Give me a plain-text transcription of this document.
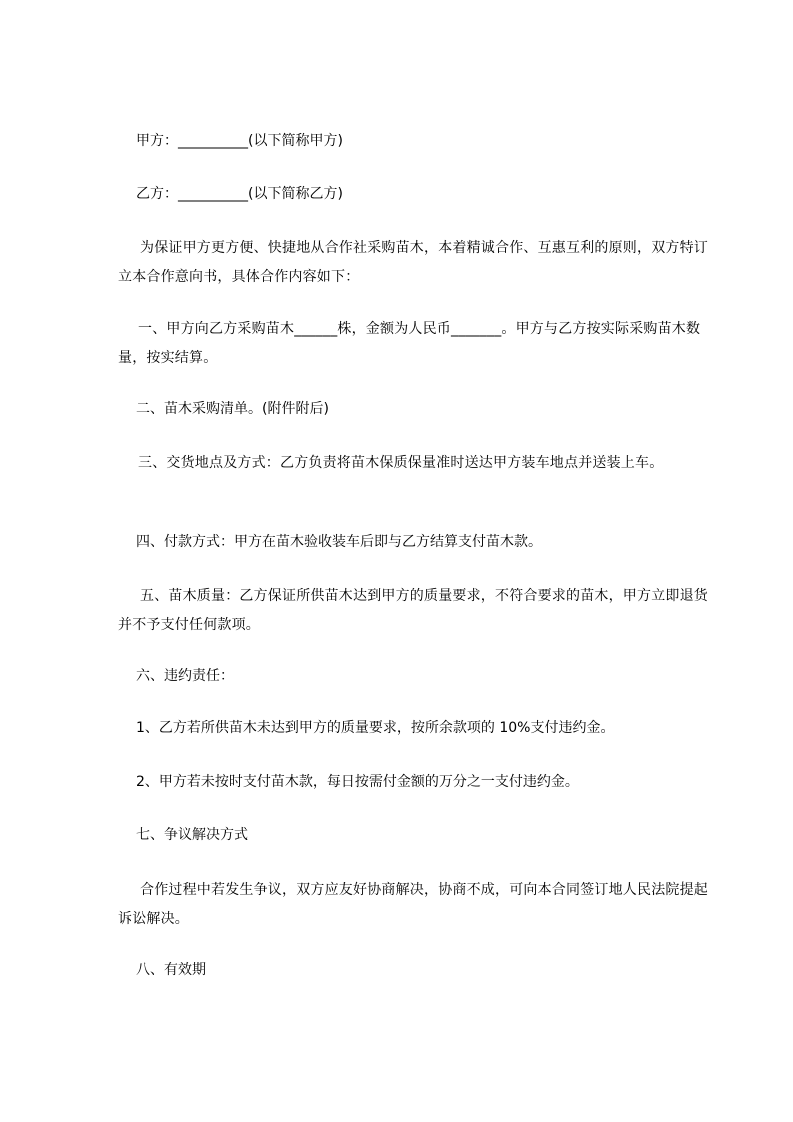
甲方：__________(以下简称甲方)
乙方：__________(以下简称乙方)
为保证甲方更方便、快捷地从合作社采购苗木，本着精诚合作、互惠互利的原则，双方特订立本合作意向书，具体合作内容如下：
一、甲方向乙方采购苗木______株，金额为人民币_______。甲方与乙方按实际采购苗木数量，按实结算。
二、苗木采购清单。(附件附后)
三、交货地点及方式：乙方负责将苗木保质保量准时送达甲方装车地点并送装上车。
四、付款方式：甲方在苗木验收装车后即与乙方结算支付苗木款。
五、苗木质量：乙方保证所供苗木达到甲方的质量要求，不符合要求的苗木，甲方立即退货并不予支付任何款项。
六、违约责任：
1、乙方若所供苗木未达到甲方的质量要求，按所余款项的 10%支付违约金。
2、甲方若未按时支付苗木款，每日按需付金额的万分之一支付违约金。
七、争议解决方式
合作过程中若发生争议，双方应友好协商解决，协商不成，可向本合同签订地人民法院提起诉讼解决。
八、有效期
